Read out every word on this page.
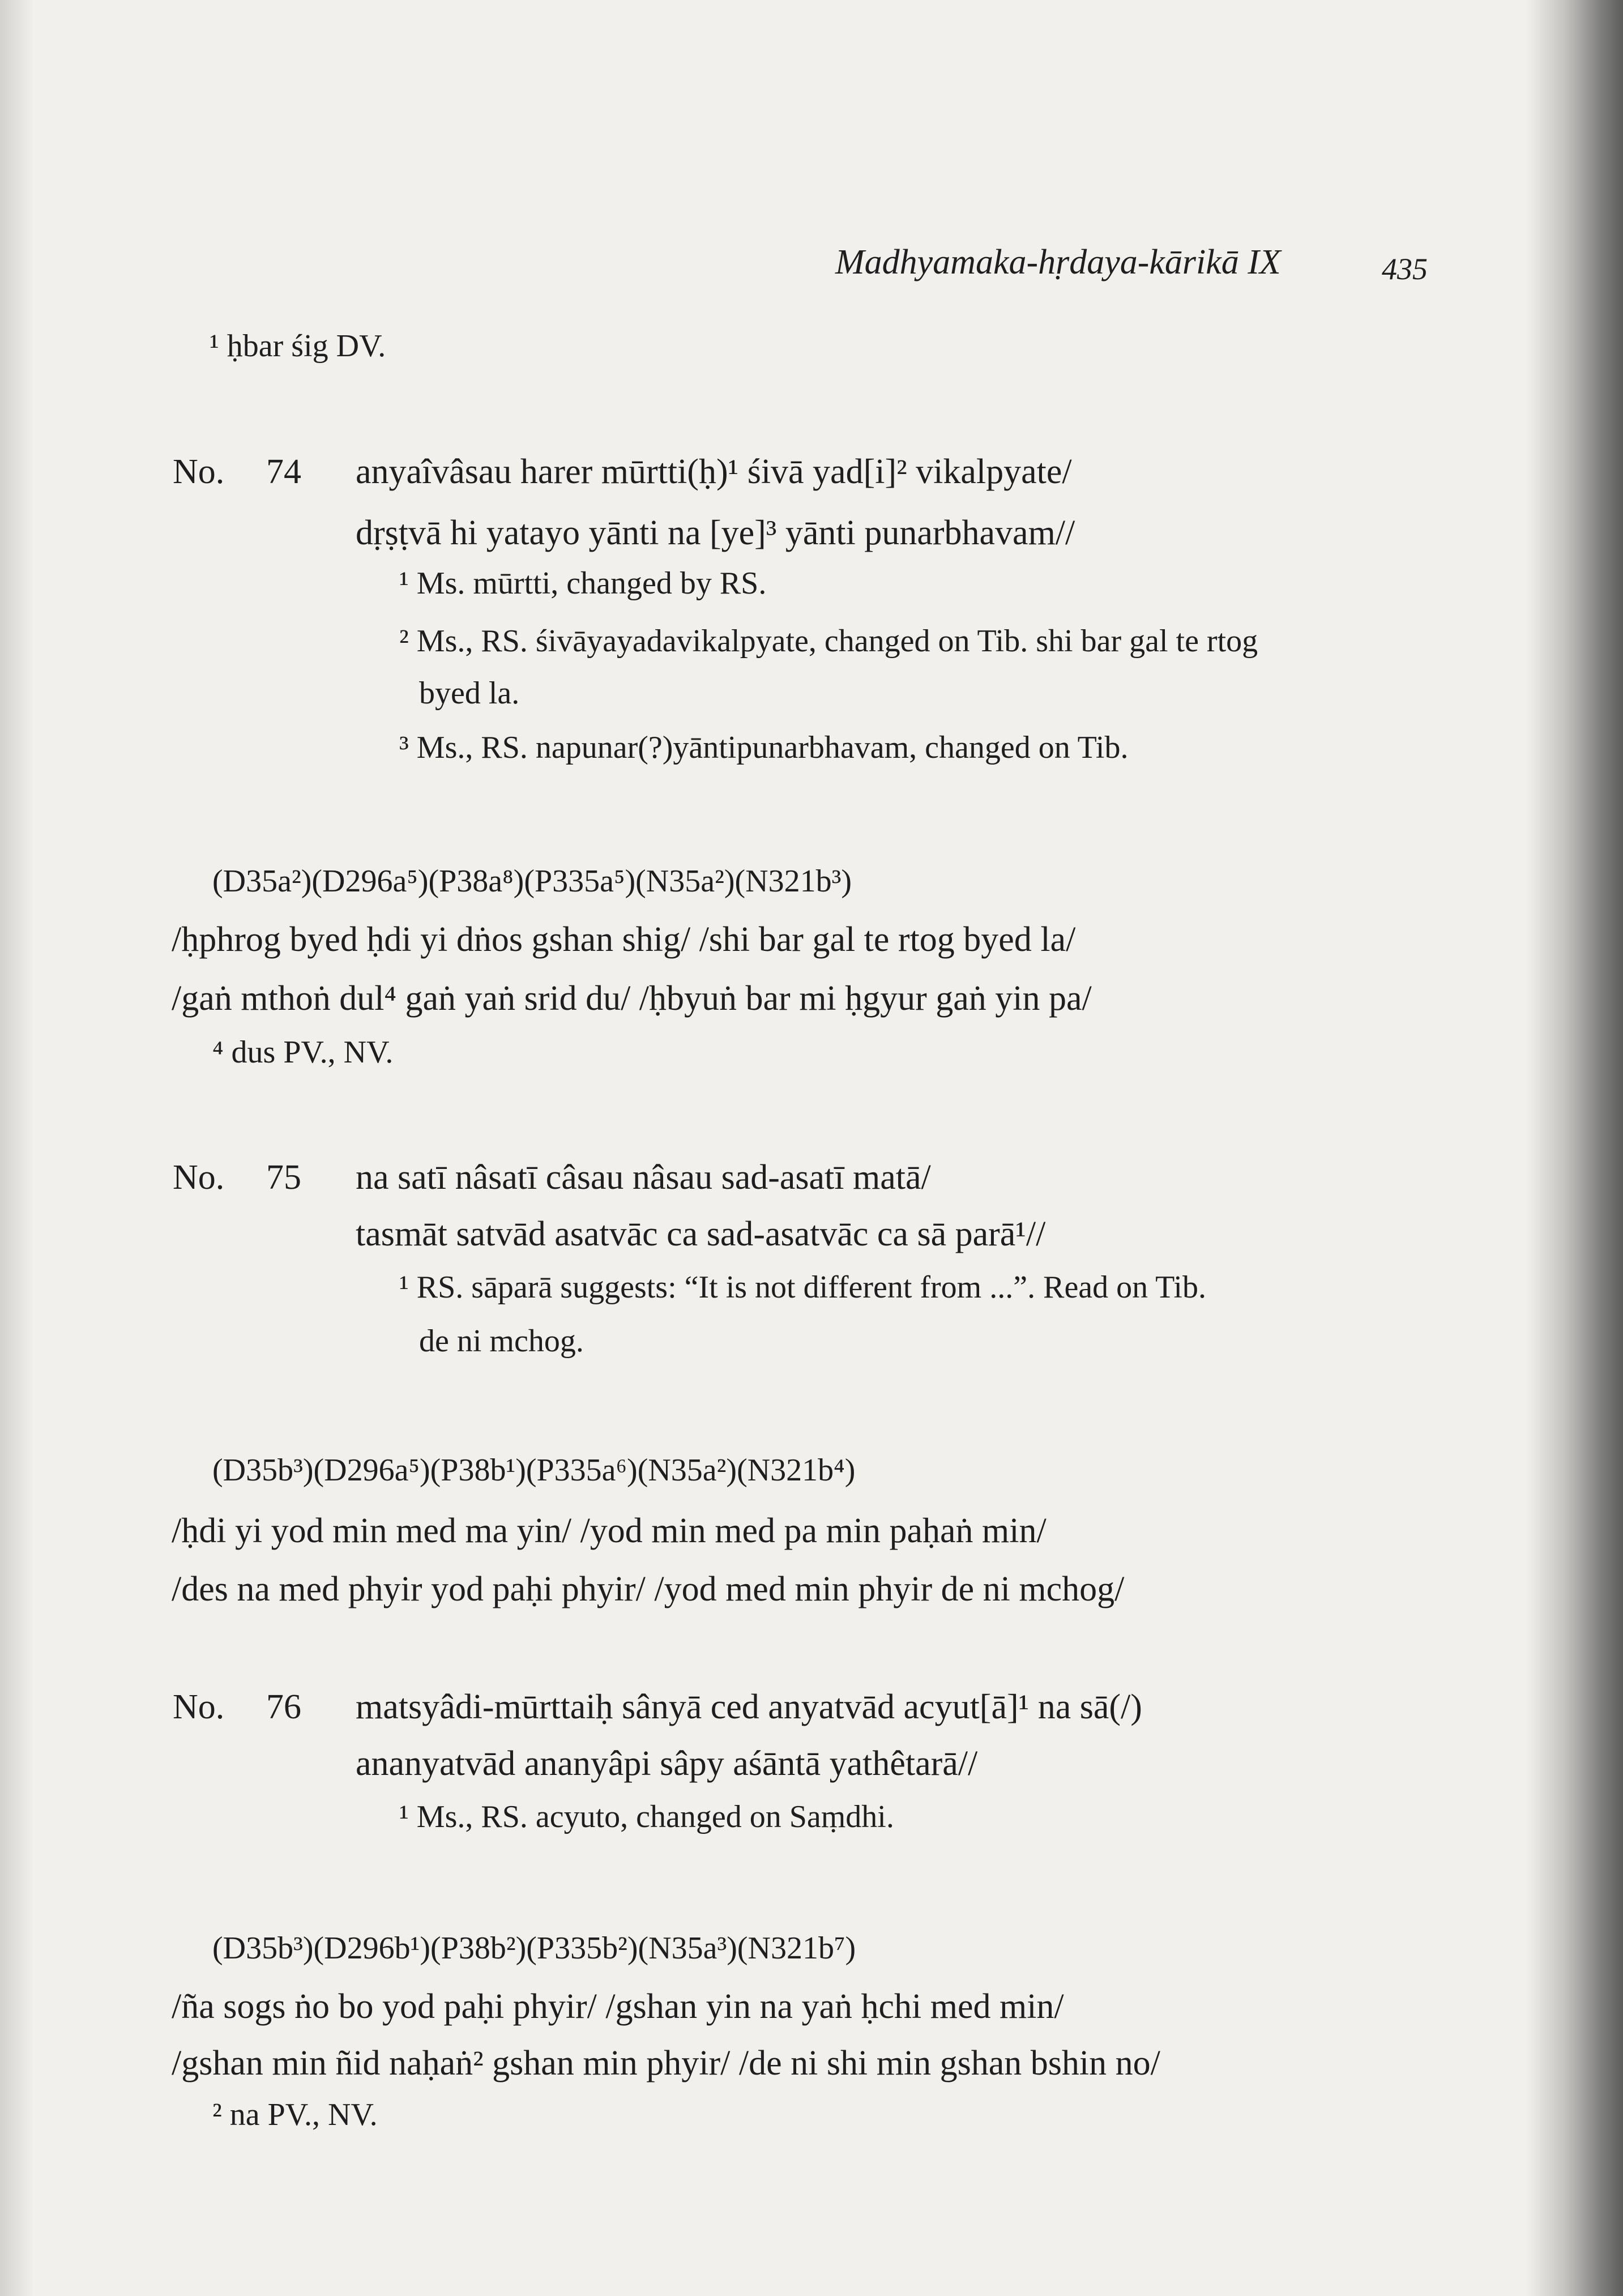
Madhyamaka-hṛdaya-kārikā IX	435
¹ ḥbar śig DV.
No. 74 anyaîvâsau harer mūrtti(ḥ)¹ śivā yad[i]² vikalpyate/
dṛṣṭvā hi yatayo yānti na [ye]³ yānti punarbhavam//
¹ Ms. mūrtti, changed by RS.
² Ms., RS. śivāyayadavikalpyate, changed on Tib. shi bar gal te rtog
byed la.
³ Ms., RS. napunar(?)yāntipunarbhavam, changed on Tib.
(D35a²)(D296a⁵)(P38a⁸)(P335a⁵)(N35a²)(N321b³)
/ḥphrog byed ḥdi yi dṅos gshan shig/ /shi bar gal te rtog byed la/
/gaṅ mthoṅ dul⁴ gaṅ yaṅ srid du/ /ḥbyuṅ bar mi ḥgyur gaṅ yin pa/
⁴ dus PV., NV.
No. 75 na satī nâsatī câsau nâsau sad-asatī matā/
tasmāt satvād asatvāc ca sad-asatvāc ca sā parā¹//
¹ RS. sāparā suggests: “It is not different from ...”. Read on Tib.
de ni mchog.
(D35b³)(D296a⁵)(P38b¹)(P335a⁶)(N35a²)(N321b⁴)
/ḥdi yi yod min med ma yin/ /yod min med pa min paḥaṅ min/
/des na med phyir yod paḥi phyir/ /yod med min phyir de ni mchog/
No. 76 matsyâdi-mūrttaiḥ sânyā ced anyatvād acyut[ā]¹ na sā(/)
ananyatvād ananyâpi sâpy aśāntā yathêtarā//
¹ Ms., RS. acyuto, changed on Saṃdhi.
(D35b³)(D296b¹)(P38b²)(P335b²)(N35a³)(N321b⁷)
/ña sogs ṅo bo yod paḥi phyir/ /gshan yin na yaṅ ḥchi med min/
/gshan min ñid naḥaṅ² gshan min phyir/ /de ni shi min gshan bshin no/
² na PV., NV.
